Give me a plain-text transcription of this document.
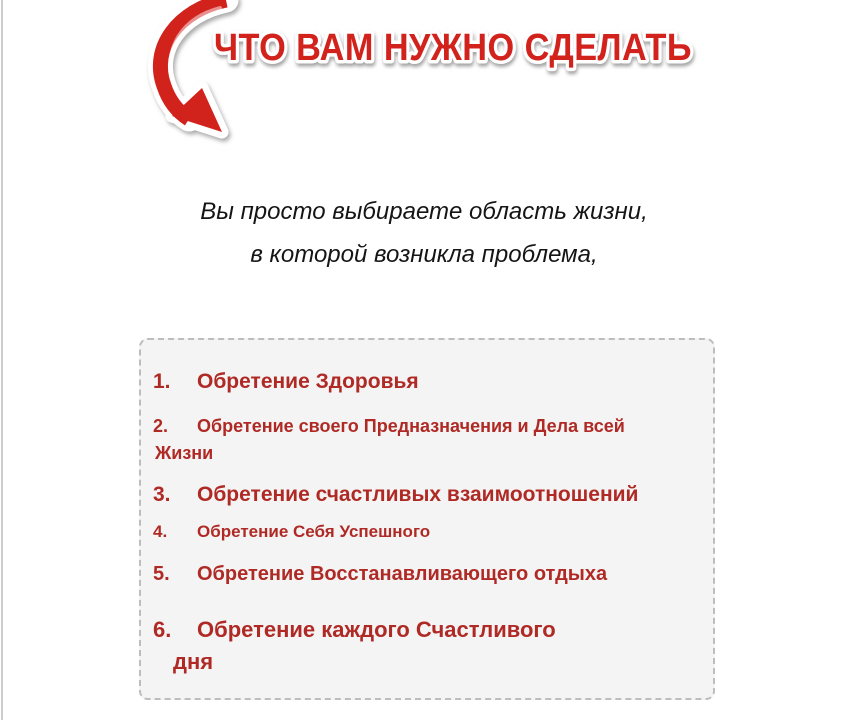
ЧТО ВАМ НУЖНО СДЕЛАТЬ
Вы просто выбираете область жизни,
в которой возникла проблема,
1. Обретение Здоровья
2. Обретение своего Предназначения и Дела всей
Жизни
3. Обретение счастливых взаимоотношений
4. Обретение Себя Успешного
5. Обретение Восстанавливающего отдыха
6. Обретение каждого Счастливого
дня
